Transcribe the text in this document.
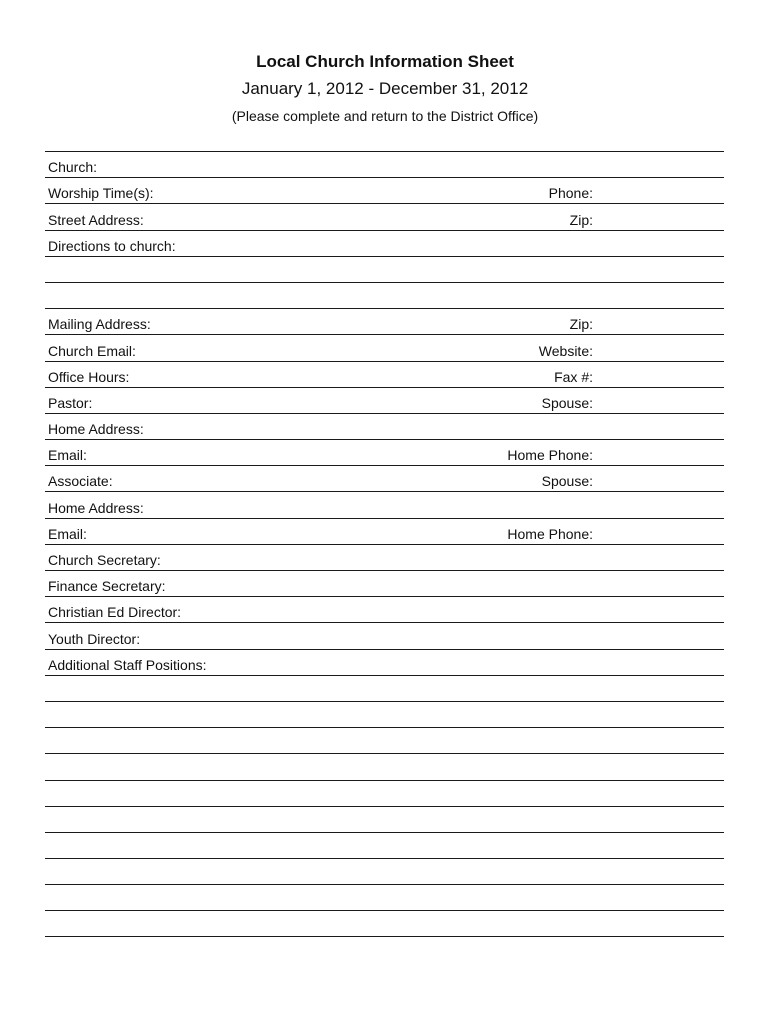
Local Church Information Sheet
January 1, 2012 - December 31, 2012
(Please complete and return to the District Office)
Church:
Worship Time(s):	Phone:
Street Address:	Zip:
Directions to church:
Mailing Address:	Zip:
Church Email:	Website:
Office Hours:	Fax #:
Pastor:	Spouse:
Home Address:
Email:	Home Phone:
Associate:	Spouse:
Home Address:
Email:	Home Phone:
Church Secretary:
Finance Secretary:
Christian Ed Director:
Youth Director:
Additional Staff Positions:
